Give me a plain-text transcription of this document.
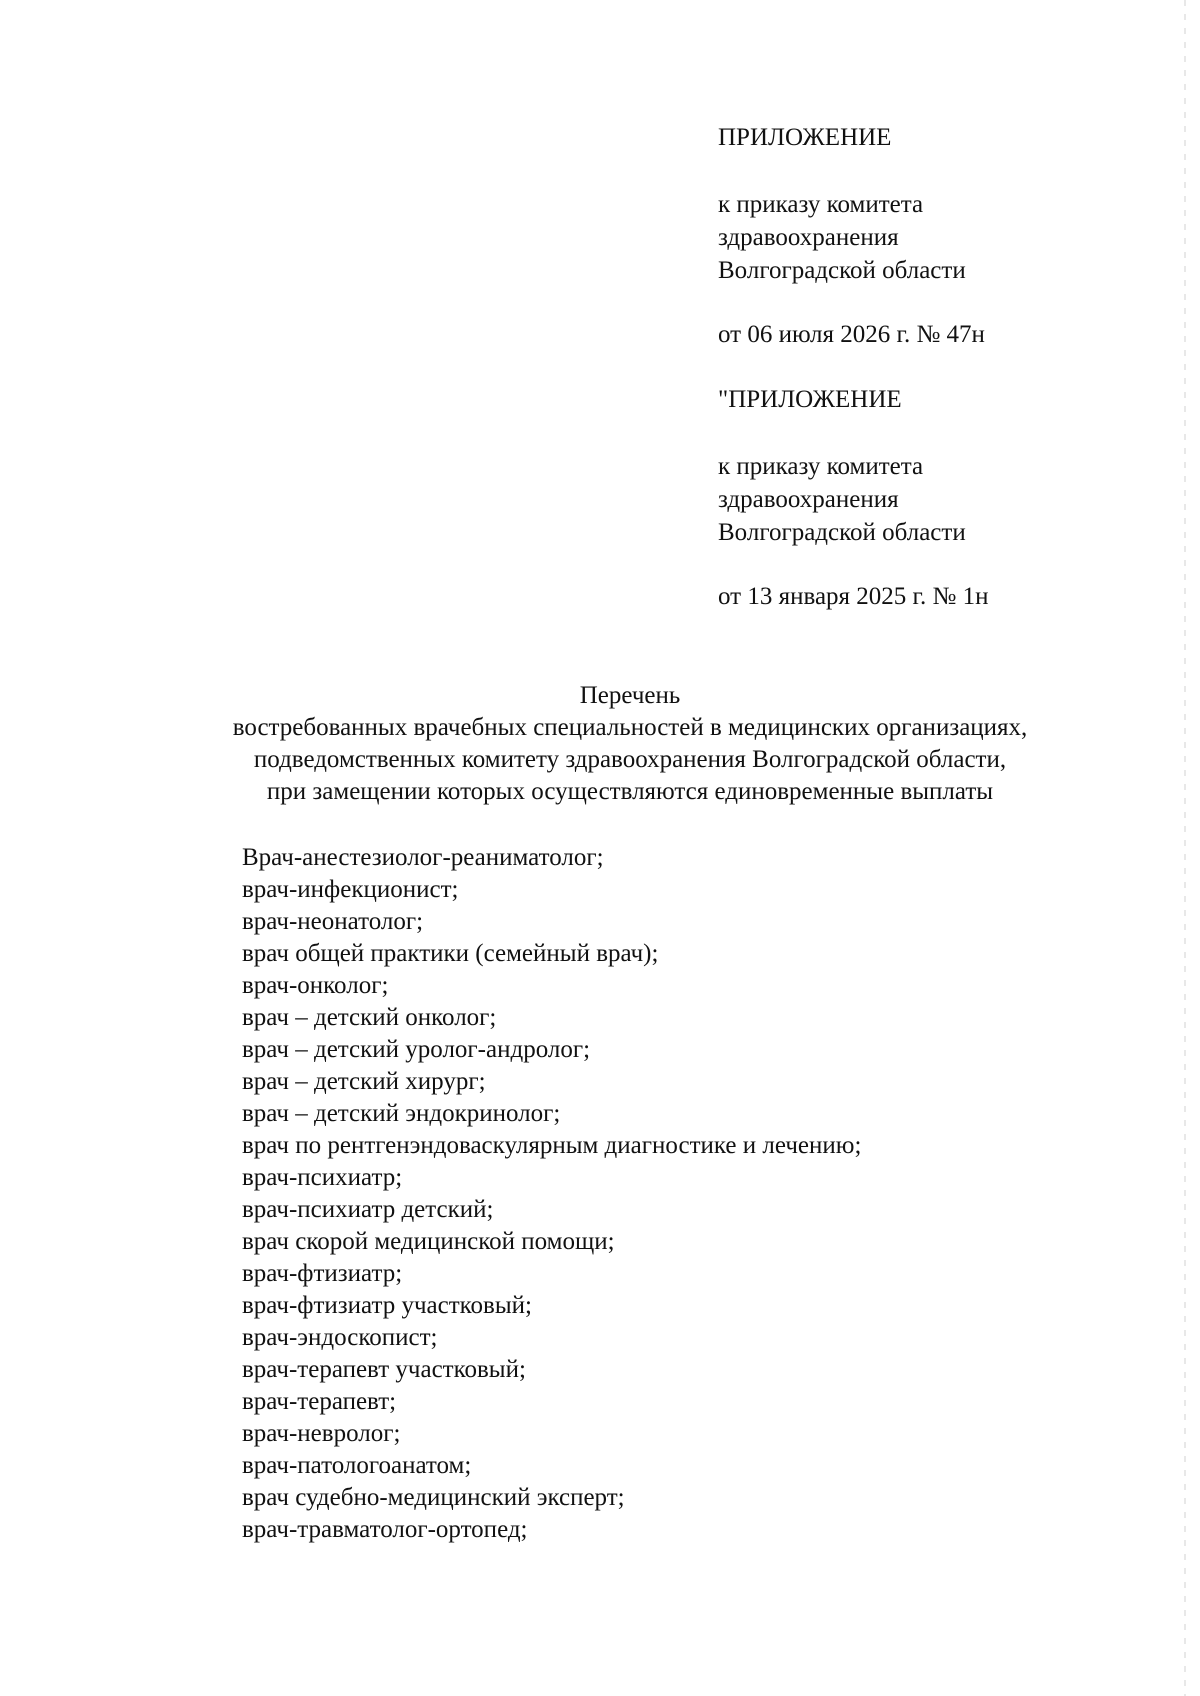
ПРИЛОЖЕНИЕ

к приказу комитета

здравоохранения

Волгоградской области

от 06 июля 2026 г. № 47н

"ПРИЛОЖЕНИЕ

к приказу комитета

здравоохранения

Волгоградской области

от 13 января 2025 г. № 1н

Перечень

востребованных врачебных специальностей в медицинских организациях,

подведомственных комитету здравоохранения Волгоградской области,

при замещении которых осуществляются единовременные выплаты

Врач-анестезиолог-реаниматолог;
врач-инфекционист;
врач-неонатолог;
врач общей практики (семейный врач);
врач-онколог;
врач – детский онколог;
врач – детский уролог-андролог;
врач – детский хирург;
врач – детский эндокринолог;
врач по рентгенэндоваскулярным диагностике и лечению;
врач-психиатр;
врач-психиатр детский;
врач скорой медицинской помощи;
врач-фтизиатр;
врач-фтизиатр участковый;
врач-эндоскопист;
врач-терапевт участковый;
врач-терапевт;
врач-невролог;
врач-патологоанатом;
врач судебно-медицинский эксперт;
врач-травматолог-ортопед;
